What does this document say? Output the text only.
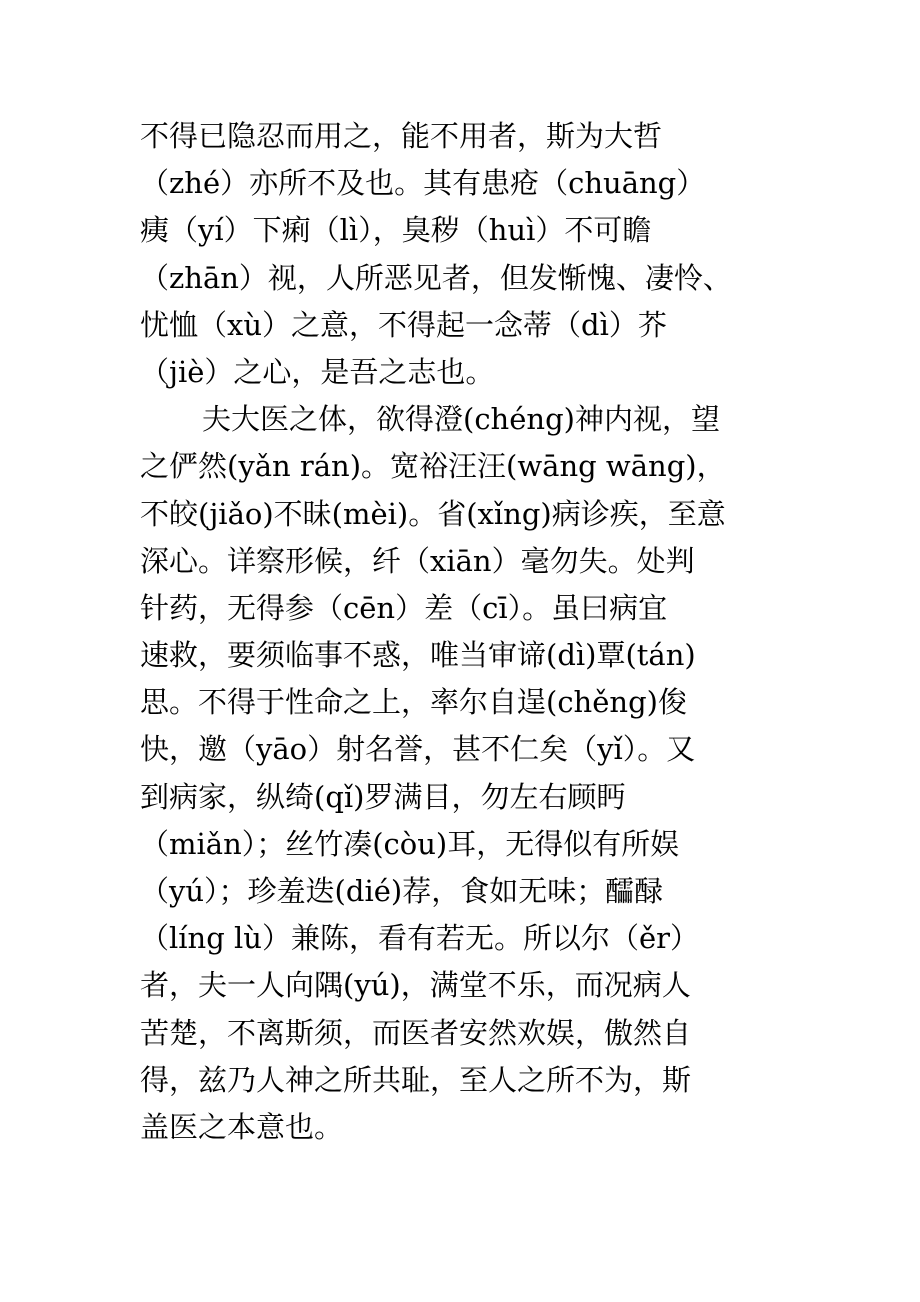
不得已隐忍而用之，能不用者，斯为大哲
（zhé）亦所不及也。其有患疮（chuāng）
痍（yí）下痢（lì），臭秽（huì）不可瞻
（zhān）视，人所恶见者，但发惭愧、凄怜、
忧恤（xù）之意，不得起一念蒂（dì）芥
（jiè）之心，是吾之志也。
夫大医之体，欲得澄(chéng)神内视，望
之俨然(yǎn rán)。宽裕汪汪(wāng wāng)，
不皎(jiǎo)不昧(mèi)。省(xǐng)病诊疾，至意
深心。详察形候，纤（xiān）毫勿失。处判
针药，无得参（cēn）差（cī）。虽曰病宜
速救，要须临事不惑，唯当审谛(dì)覃(tán)
思。不得于性命之上，率尔自逞(chěng)俊
快，邀（yāo）射名誉，甚不仁矣（yǐ）。又
到病家，纵绮(qǐ)罗满目，勿左右顾眄
（miǎn）；丝竹凑(còu)耳，无得似有所娱
（yú）；珍羞迭(dié)荐，食如无味；醽醁
（líng lù）兼陈，看有若无。所以尔（ěr）
者，夫一人向隅(yú)，满堂不乐，而况病人
苦楚，不离斯须，而医者安然欢娱，傲然自
得，兹乃人神之所共耻，至人之所不为，斯
盖医之本意也。
